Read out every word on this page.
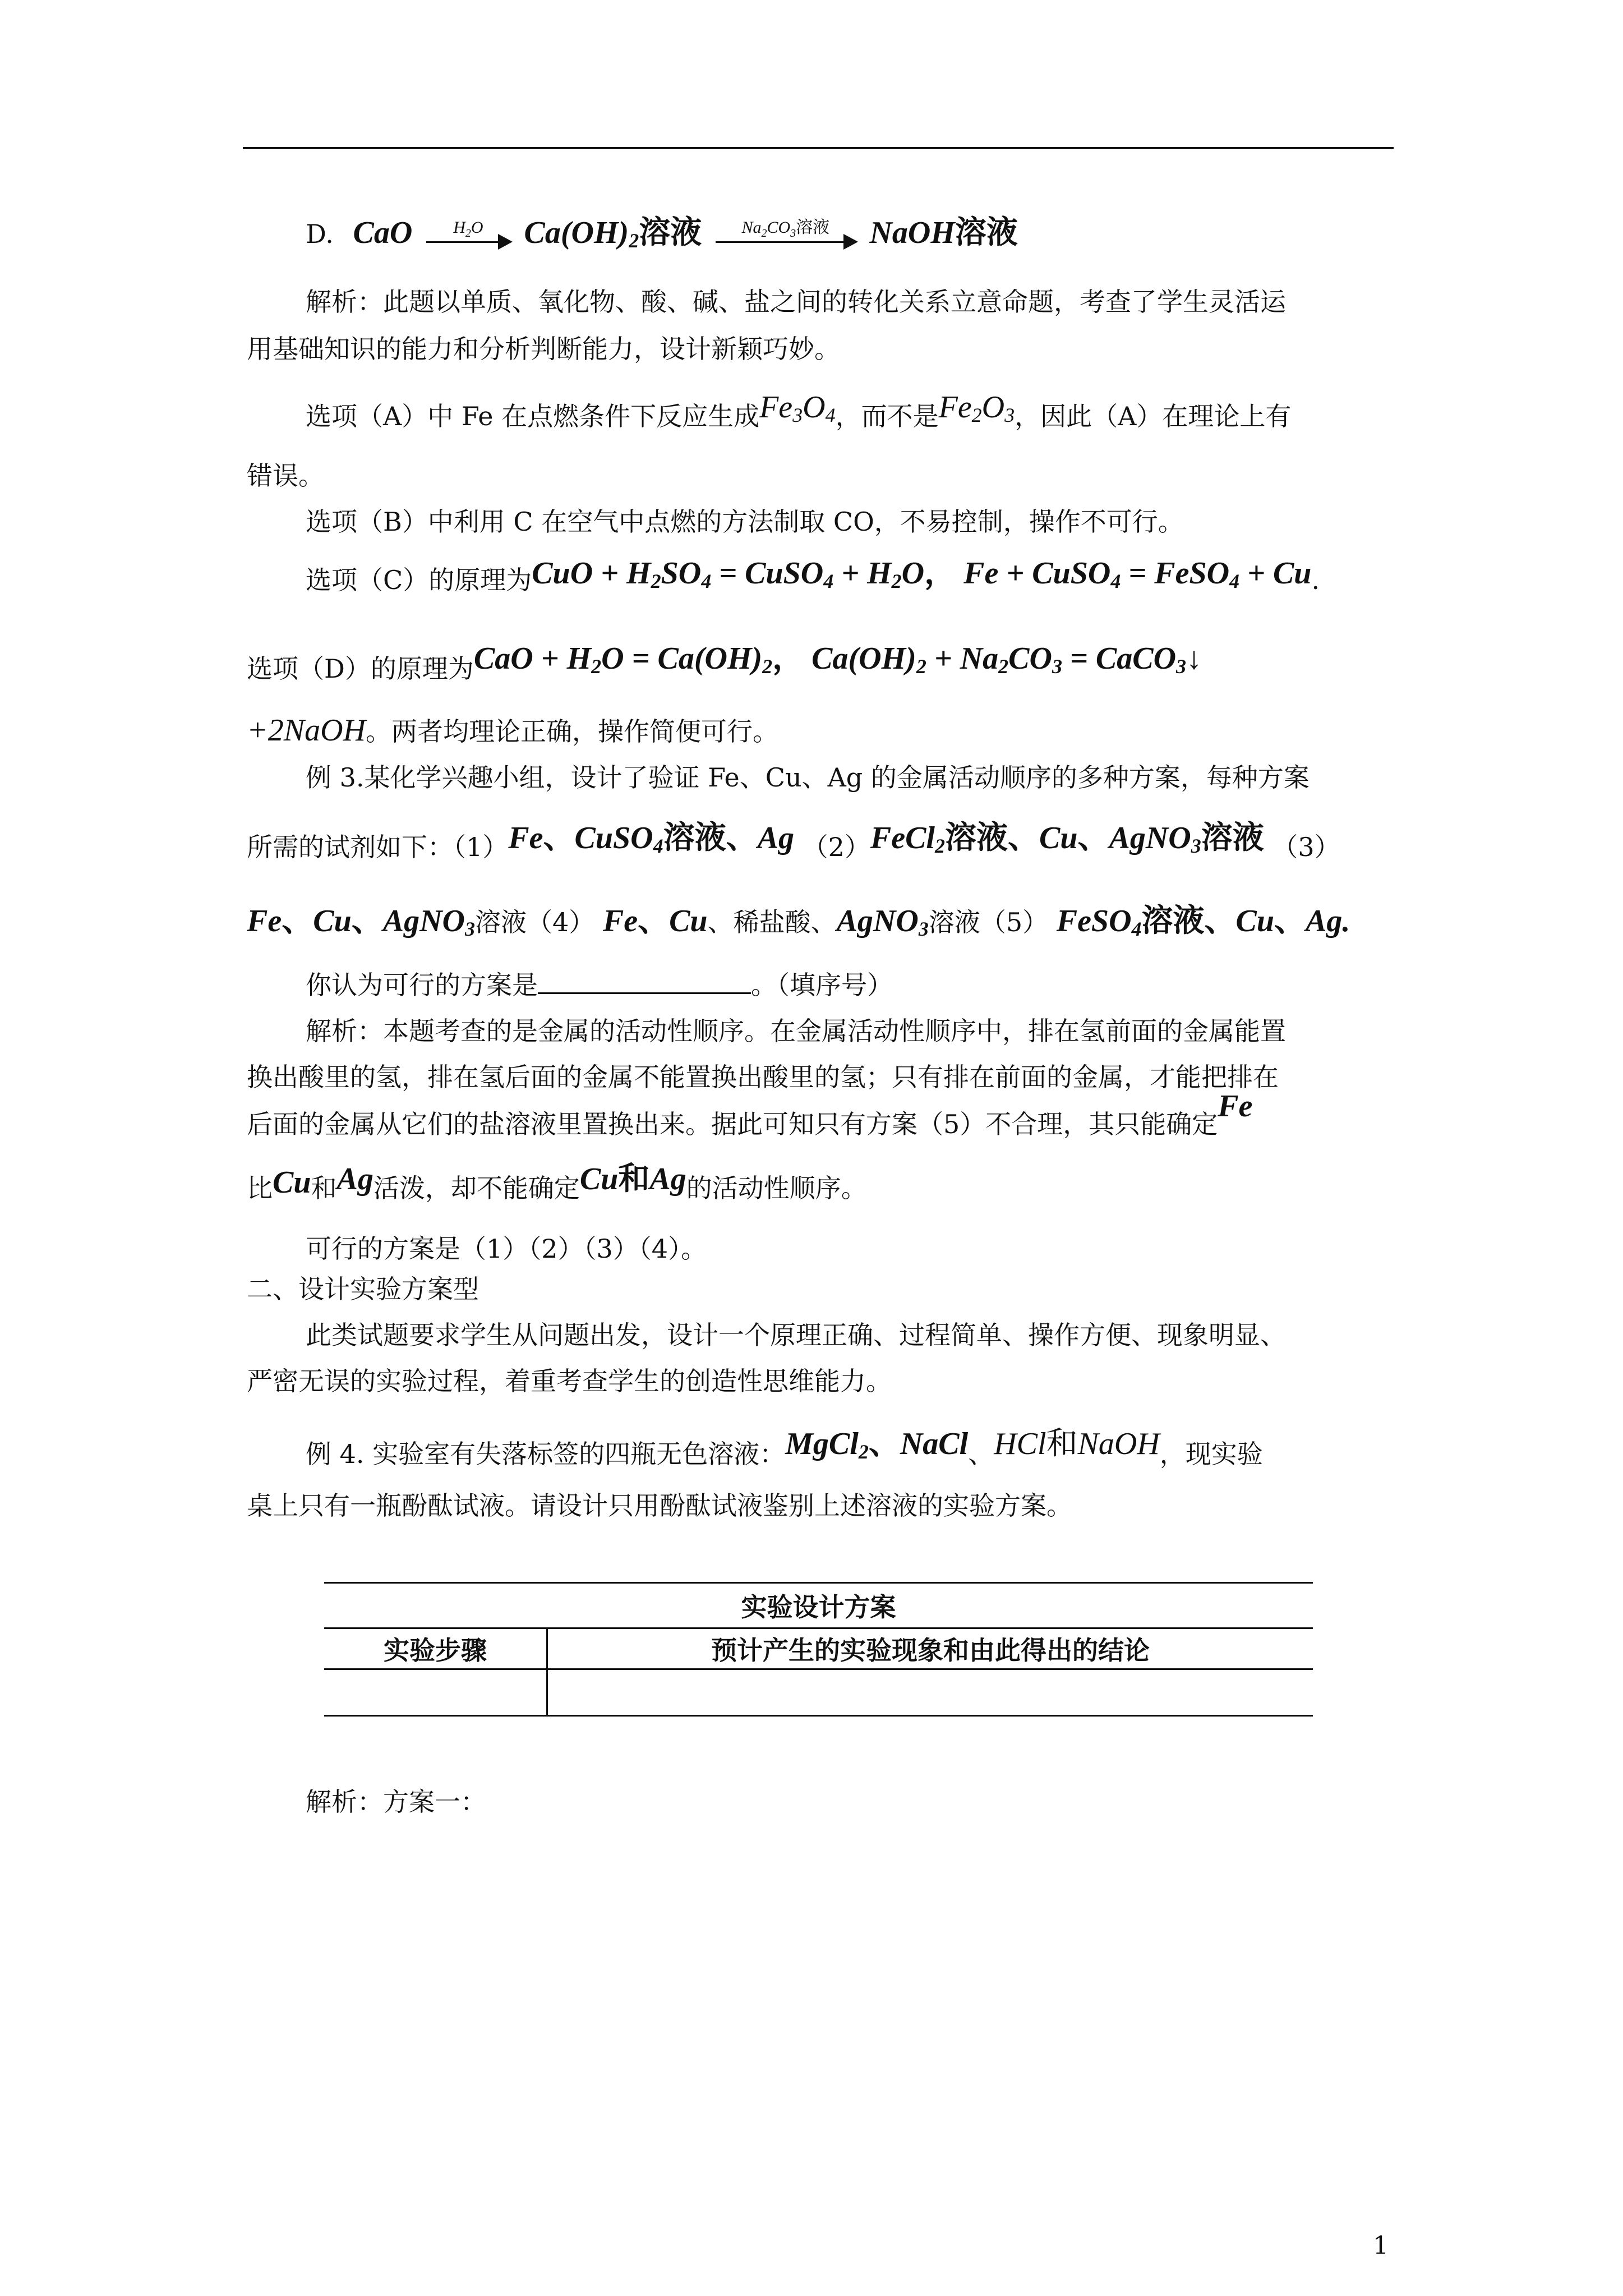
D. CaO	$H_2O$	$Ca(OH)_2$溶液	$Na_2CO_3$溶液	NaOH溶液
解析：此题以单质、氧化物、酸、碱、盐之间的转化关系立意命题，考查了学生灵活运
用基础知识的能力和分析判断能力，设计新颖巧妙。
选项（A）中 Fe 在点燃条件下反应生成$Fe_3O_4$，而不是$Fe_2O_3$，因此（A）在理论上有
错误。
选项（B）中利用 C 在空气中点燃的方法制取 CO，不易控制，操作不可行。
选项（C）的原理为CuO + $H_2SO_4$ = CuSO$_4$ + $H_2O$， Fe + CuSO$_4$ = FeSO$_4$ + Cu.
选项（D）的原理为CaO + $H_2O = Ca(OH)_2$， $Ca(OH)_2 + Na_2CO_3$ = CaCO$_3$↓
+2NaOH。两者均理论正确，操作简便可行。
例 3.某化学兴趣小组，设计了验证 Fe、Cu、Ag 的金属活动顺序的多种方案，每种方案
所需的试剂如下：（1）Fe、CuSO$_4$溶液、Ag （2）FeCl$_2$溶液、Cu、AgNO$_3$溶液 （3）
Fe、Cu、AgNO$_3$溶液（4） Fe、Cu、稀盐酸、AgNO$_3$溶液（5） FeSO$_4$溶液、Cu、Ag.
你认为可行的方案是	。（填序号）
解析：本题考查的是金属的活动性顺序。在金属活动性顺序中，排在氢前面的金属能置
换出酸里的氢，排在氢后面的金属不能置换出酸里的氢；只有排在前面的金属，才能把排在
后面的金属从它们的盐溶液里置换出来。据此可知只有方案（5）不合理，其只能确定Fe
比Cu和Ag活泼，却不能确定Cu和Ag的活动性顺序。
可行的方案是（1）（2）（3）（4）。
二、设计实验方案型
此类试题要求学生从问题出发，设计一个原理正确、过程简单、操作方便、现象明显、
严密无误的实验过程，着重考查学生的创造性思维能力。
例 4. 实验室有失落标签的四瓶无色溶液：MgCl$_2$、NaCl、HCl和NaOH，现实验
桌上只有一瓶酚酞试液。请设计只用酚酞试液鉴别上述溶液的实验方案。
实验设计方案	
实验步骤	预计产生的实验现象和由此得出的结论

解析：方案一：
1
